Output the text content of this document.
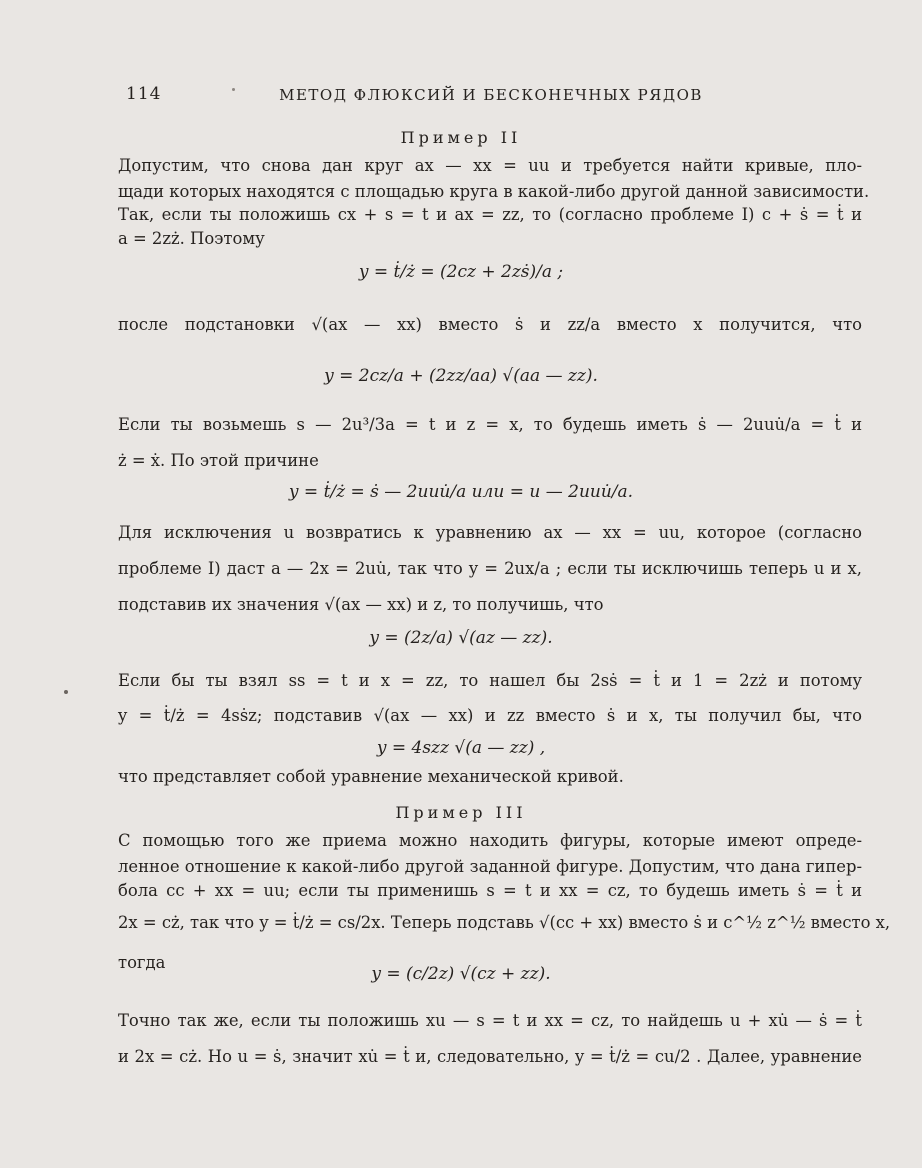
114	МЕТОД ФЛЮКСИЙ И БЕСКОНЕЧНЫХ РЯДОВ
Пример II
Допустим, что снова дан круг ax — xx = uu и требуется найти кривые, пло-
щади которых находятся с площадью круга в какой-либо другой данной зависимости.
Так, если ты положишь cx + s = t и ax = zz, то (согласно проблеме I) c + ṡ = ṫ и
a = 2zż. Поэтому
y = ṫ/ż = (2cz + 2zṡ)/a ;
после подстановки √(ax — xx) вместо ṡ и zz/a вместо x получится, что
y = 2cz/a + (2zz/aa) √(aa — zz).
Если ты возьмешь s — 2u³/3a = t и z = x, то будешь иметь ṡ — 2uuu̇/a = ṫ и
ż = ẋ. По этой причине
y = ṫ/ż = ṡ — 2uuu̇/a или = u — 2uuu̇/a.
Для исключения u возвратись к уравнению ax — xx = uu, которое (согласно
проблеме I) даст a — 2x = 2uu̇, так что y = 2ux/a ; если ты исключишь теперь u и x,
подставив их значения √(ax — xx) и z, то получишь, что
y = (2z/a) √(az — zz).
Если бы ты взял ss = t и x = zz, то нашел бы 2sṡ = ṫ и 1 = 2zż и потому
y = ṫ/ż = 4sṡz; подставив √(ax — xx) и zz вместо ṡ и x, ты получил бы, что
y = 4szz √(a — zz) ,
что представляет собой уравнение механической кривой.
Пример III
С помощью того же приема можно находить фигуры, которые имеют опреде-
ленное отношение к какой-либо другой заданной фигуре. Допустим, что дана гипер-
бола cc + xx = uu; если ты применишь s = t и xx = cz, то будешь иметь ṡ = ṫ и
2x = cż, так что y = ṫ/ż = cs/2x. Теперь подставь √(cc + xx) вместо ṡ и c^½ z^½ вместо x,
тогда
y = (c/2z) √(cz + zz).
Точно так же, если ты положишь xu — s = t и xx = cz, то найдешь u + xu̇ — ṡ = ṫ
и 2x = cż. Но u = ṡ, значит xu̇ = ṫ и, следовательно, y = ṫ/ż = cu/2 . Далее, уравнение
